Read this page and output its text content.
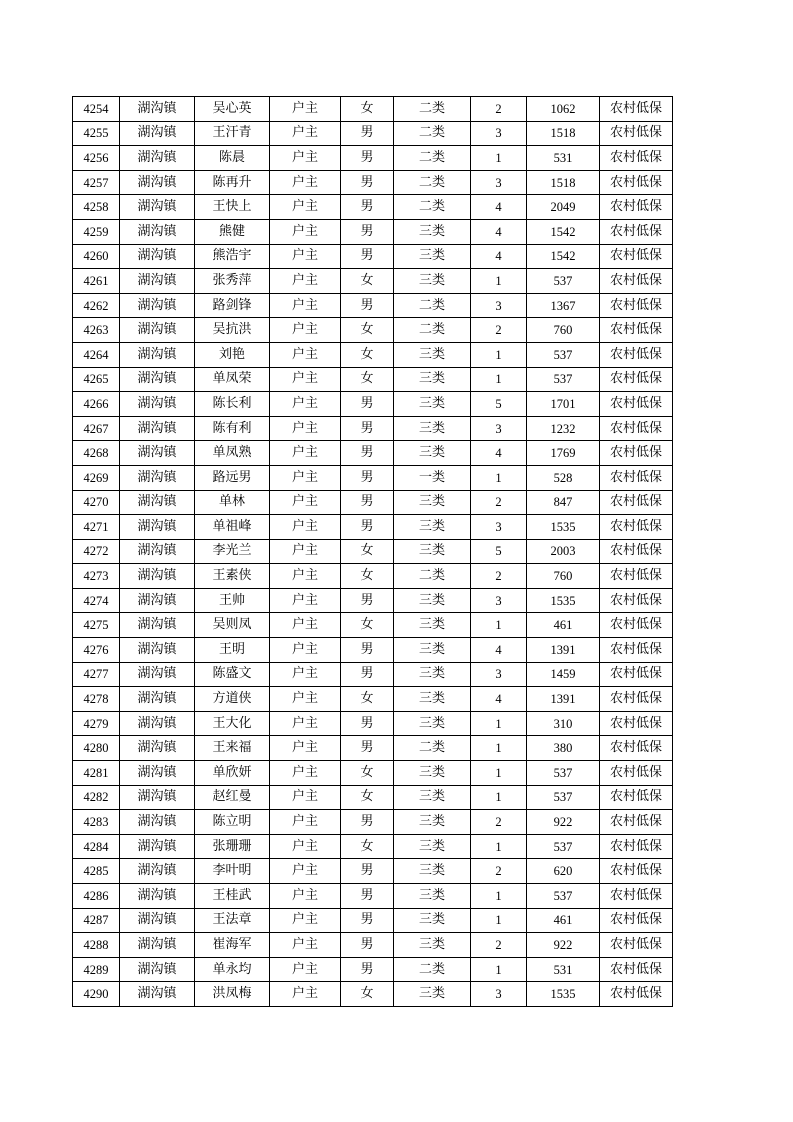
4254	湖沟镇	吴心英	户主	女	二类	2	1062	农村低保
4255	湖沟镇	王汗青	户主	男	二类	3	1518	农村低保
4256	湖沟镇	陈晨	户主	男	二类	1	531	农村低保
4257	湖沟镇	陈再升	户主	男	二类	3	1518	农村低保
4258	湖沟镇	王快上	户主	男	二类	4	2049	农村低保
4259	湖沟镇	熊健	户主	男	三类	4	1542	农村低保
4260	湖沟镇	熊浩宇	户主	男	三类	4	1542	农村低保
4261	湖沟镇	张秀萍	户主	女	三类	1	537	农村低保
4262	湖沟镇	路剑锋	户主	男	二类	3	1367	农村低保
4263	湖沟镇	吴抗洪	户主	女	二类	2	760	农村低保
4264	湖沟镇	刘艳	户主	女	三类	1	537	农村低保
4265	湖沟镇	单凤荣	户主	女	三类	1	537	农村低保
4266	湖沟镇	陈长利	户主	男	三类	5	1701	农村低保
4267	湖沟镇	陈有利	户主	男	三类	3	1232	农村低保
4268	湖沟镇	单凤熟	户主	男	三类	4	1769	农村低保
4269	湖沟镇	路远男	户主	男	一类	1	528	农村低保
4270	湖沟镇	单林	户主	男	三类	2	847	农村低保
4271	湖沟镇	单祖峰	户主	男	三类	3	1535	农村低保
4272	湖沟镇	李光兰	户主	女	三类	5	2003	农村低保
4273	湖沟镇	王素侠	户主	女	二类	2	760	农村低保
4274	湖沟镇	王帅	户主	男	三类	3	1535	农村低保
4275	湖沟镇	吴则凤	户主	女	三类	1	461	农村低保
4276	湖沟镇	王明	户主	男	三类	4	1391	农村低保
4277	湖沟镇	陈盛文	户主	男	三类	3	1459	农村低保
4278	湖沟镇	方道侠	户主	女	三类	4	1391	农村低保
4279	湖沟镇	王大化	户主	男	三类	1	310	农村低保
4280	湖沟镇	王来福	户主	男	二类	1	380	农村低保
4281	湖沟镇	单欣妍	户主	女	三类	1	537	农村低保
4282	湖沟镇	赵红曼	户主	女	三类	1	537	农村低保
4283	湖沟镇	陈立明	户主	男	三类	2	922	农村低保
4284	湖沟镇	张珊珊	户主	女	三类	1	537	农村低保
4285	湖沟镇	李叶明	户主	男	三类	2	620	农村低保
4286	湖沟镇	王桂武	户主	男	三类	1	537	农村低保
4287	湖沟镇	王法章	户主	男	三类	1	461	农村低保
4288	湖沟镇	崔海军	户主	男	三类	2	922	农村低保
4289	湖沟镇	单永均	户主	男	二类	1	531	农村低保
4290	湖沟镇	洪凤梅	户主	女	三类	3	1535	农村低保
